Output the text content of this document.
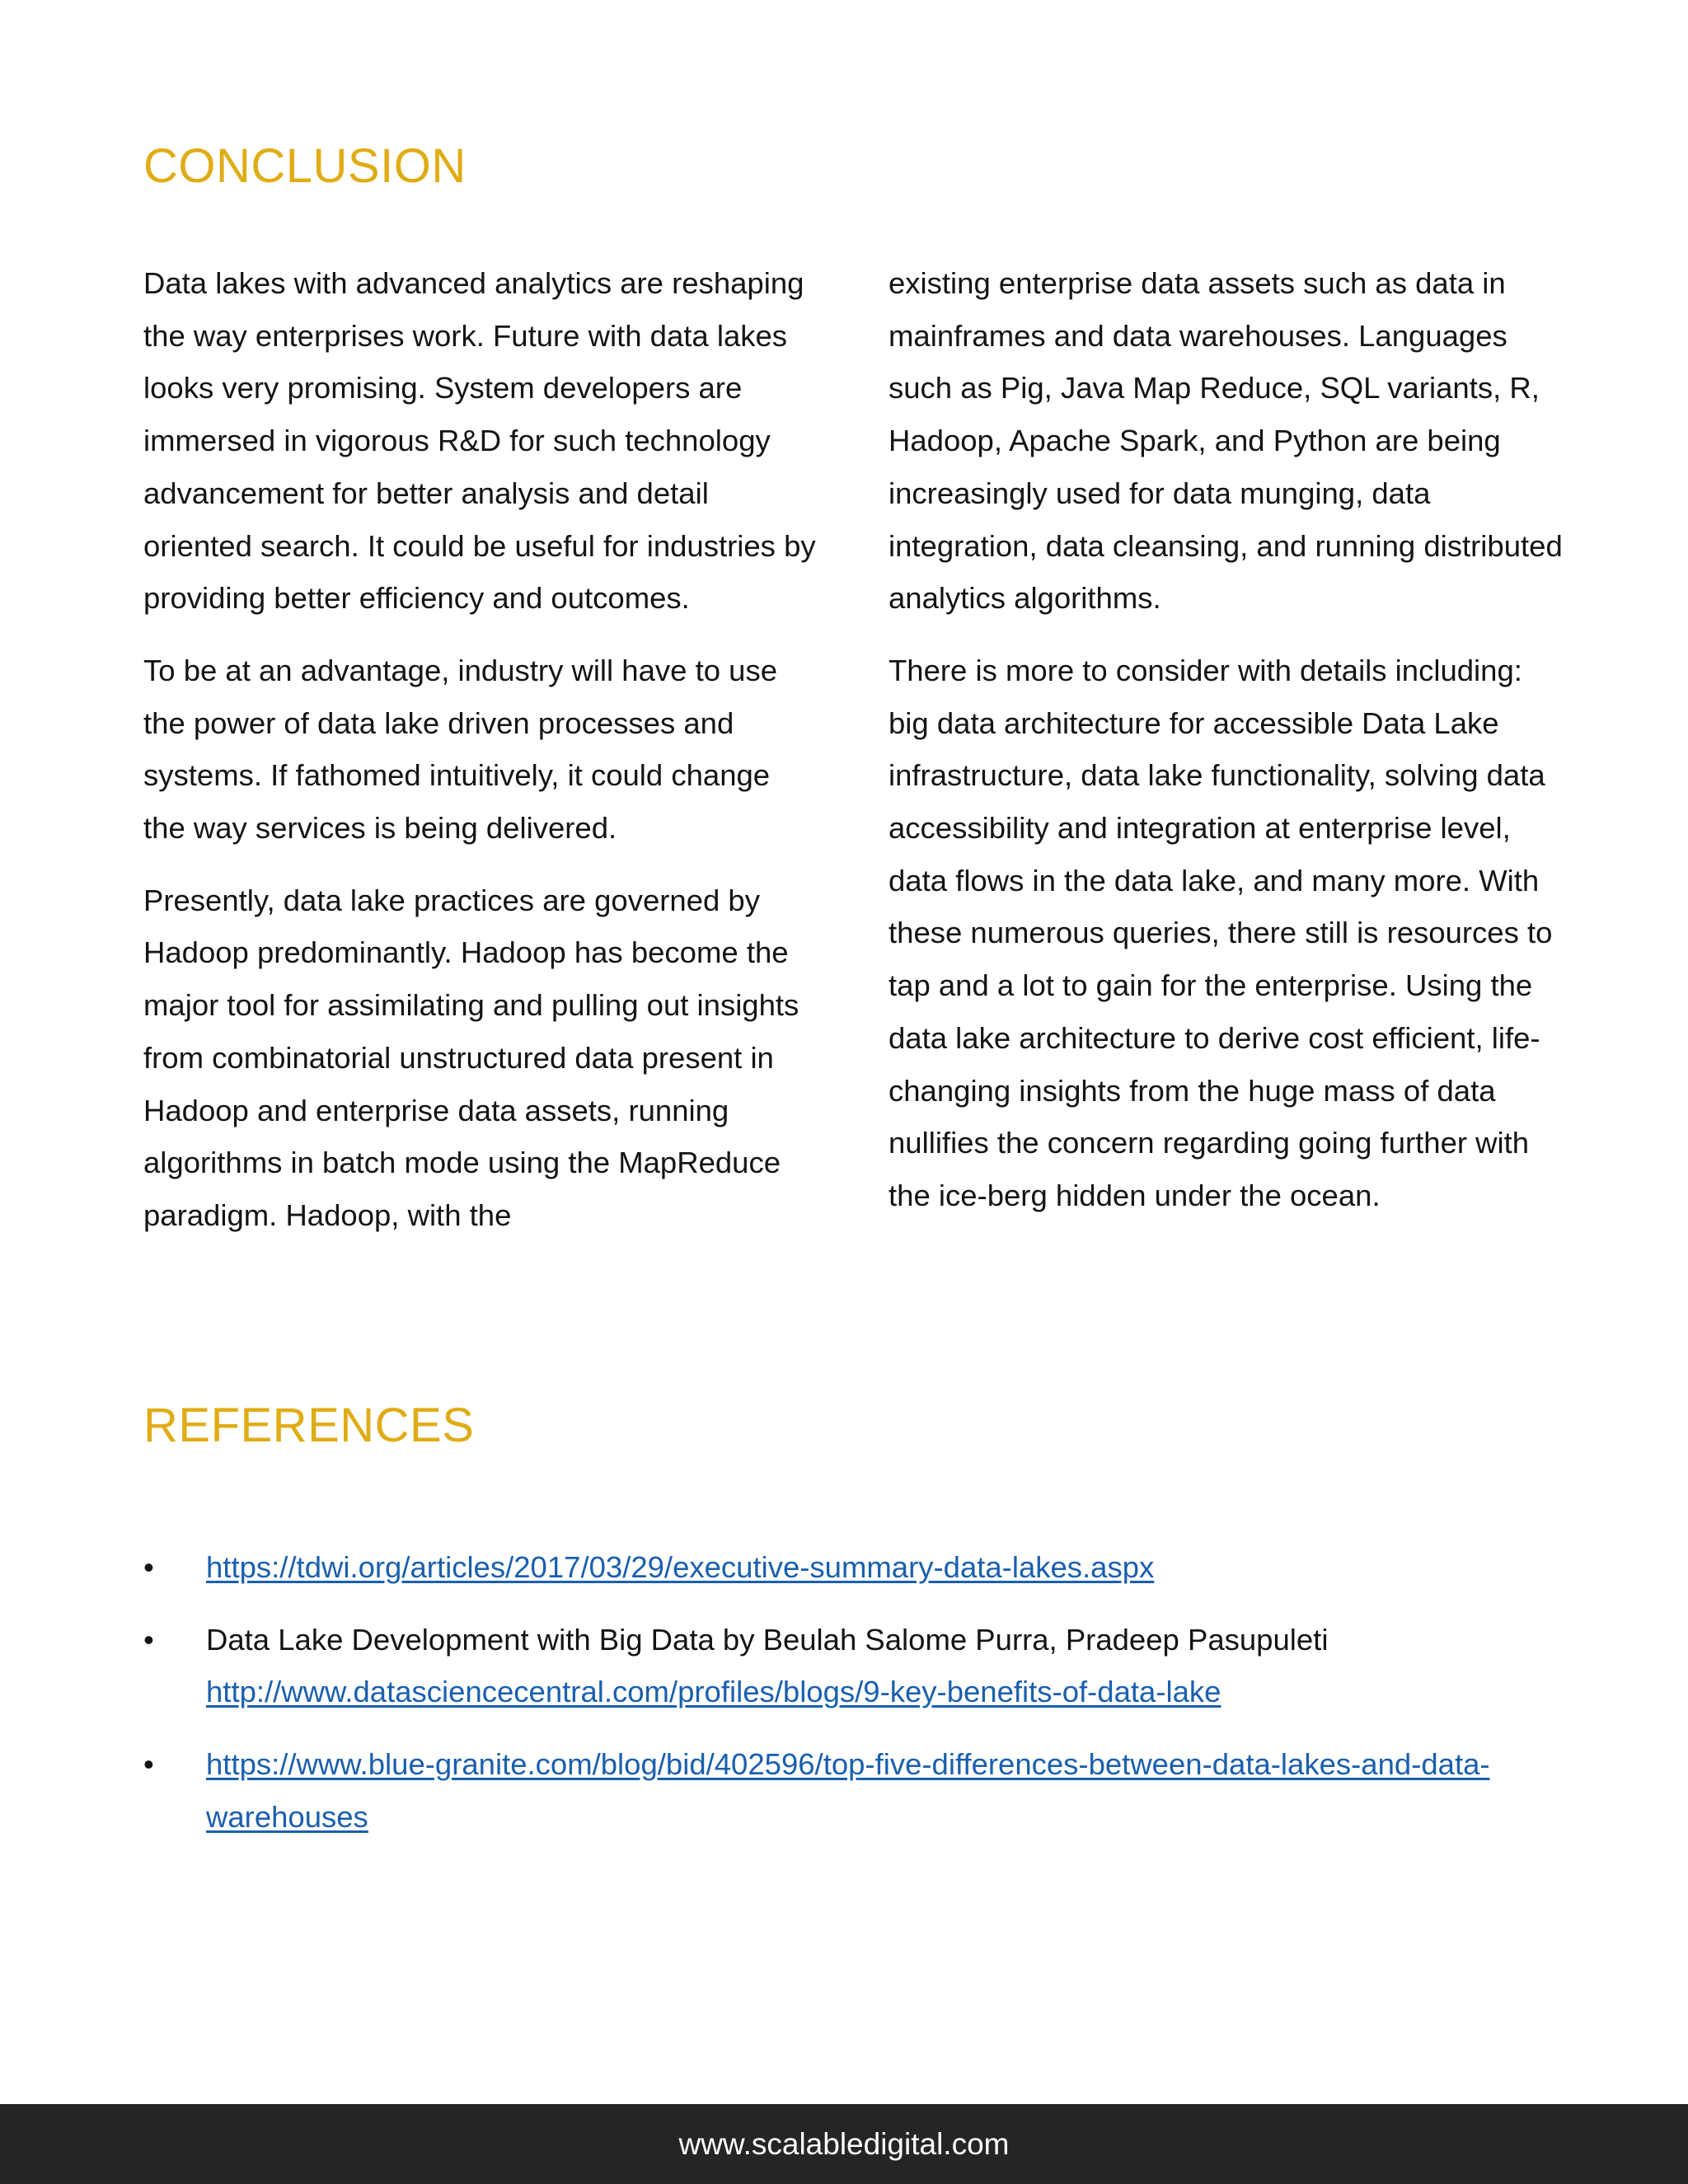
CONCLUSION

Data lakes with advanced analytics are reshaping the way enterprises work. Future with data lakes looks very promising. System developers are immersed in vigorous R&D for such technology advancement for better analysis and detail oriented search. It could be useful for industries by providing better efficiency and outcomes.

To be at an advantage, industry will have to use the power of data lake driven processes and systems. If fathomed intuitively, it could change the way services is being delivered.

Presently, data lake practices are governed by Hadoop predominantly. Hadoop has become the major tool for assimilating and pulling out insights from combinatorial unstructured data present in Hadoop and enterprise data assets, running algorithms in batch mode using the MapReduce paradigm. Hadoop, with the

existing enterprise data assets such as data in mainframes and data warehouses. Languages such as Pig, Java Map Reduce, SQL variants, R, Hadoop, Apache Spark, and Python are being increasingly used for data munging, data integration, data cleansing, and running distributed analytics algorithms.

There is more to consider with details including: big data architecture for accessible Data Lake infrastructure, data lake functionality, solving data accessibility and integration at enterprise level, data flows in the data lake, and many more. With these numerous queries, there still is resources to tap and a lot to gain for the enterprise. Using the data lake architecture to derive cost efficient, life-changing insights from the huge mass of data nullifies the concern regarding going further with the ice-berg hidden under the ocean.

REFERENCES
• https://tdwi.org/articles/2017/03/29/executive-summary-data-lakes.aspx
• Data Lake Development with Big Data by Beulah Salome Purra, Pradeep Pasupuleti
http://www.datasciencecentral.com/profiles/blogs/9-key-benefits-of-data-lake
• https://www.blue-granite.com/blog/bid/402596/top-five-differences-between-data-lakes-and-data-warehouses
www.scalabledigital.com
